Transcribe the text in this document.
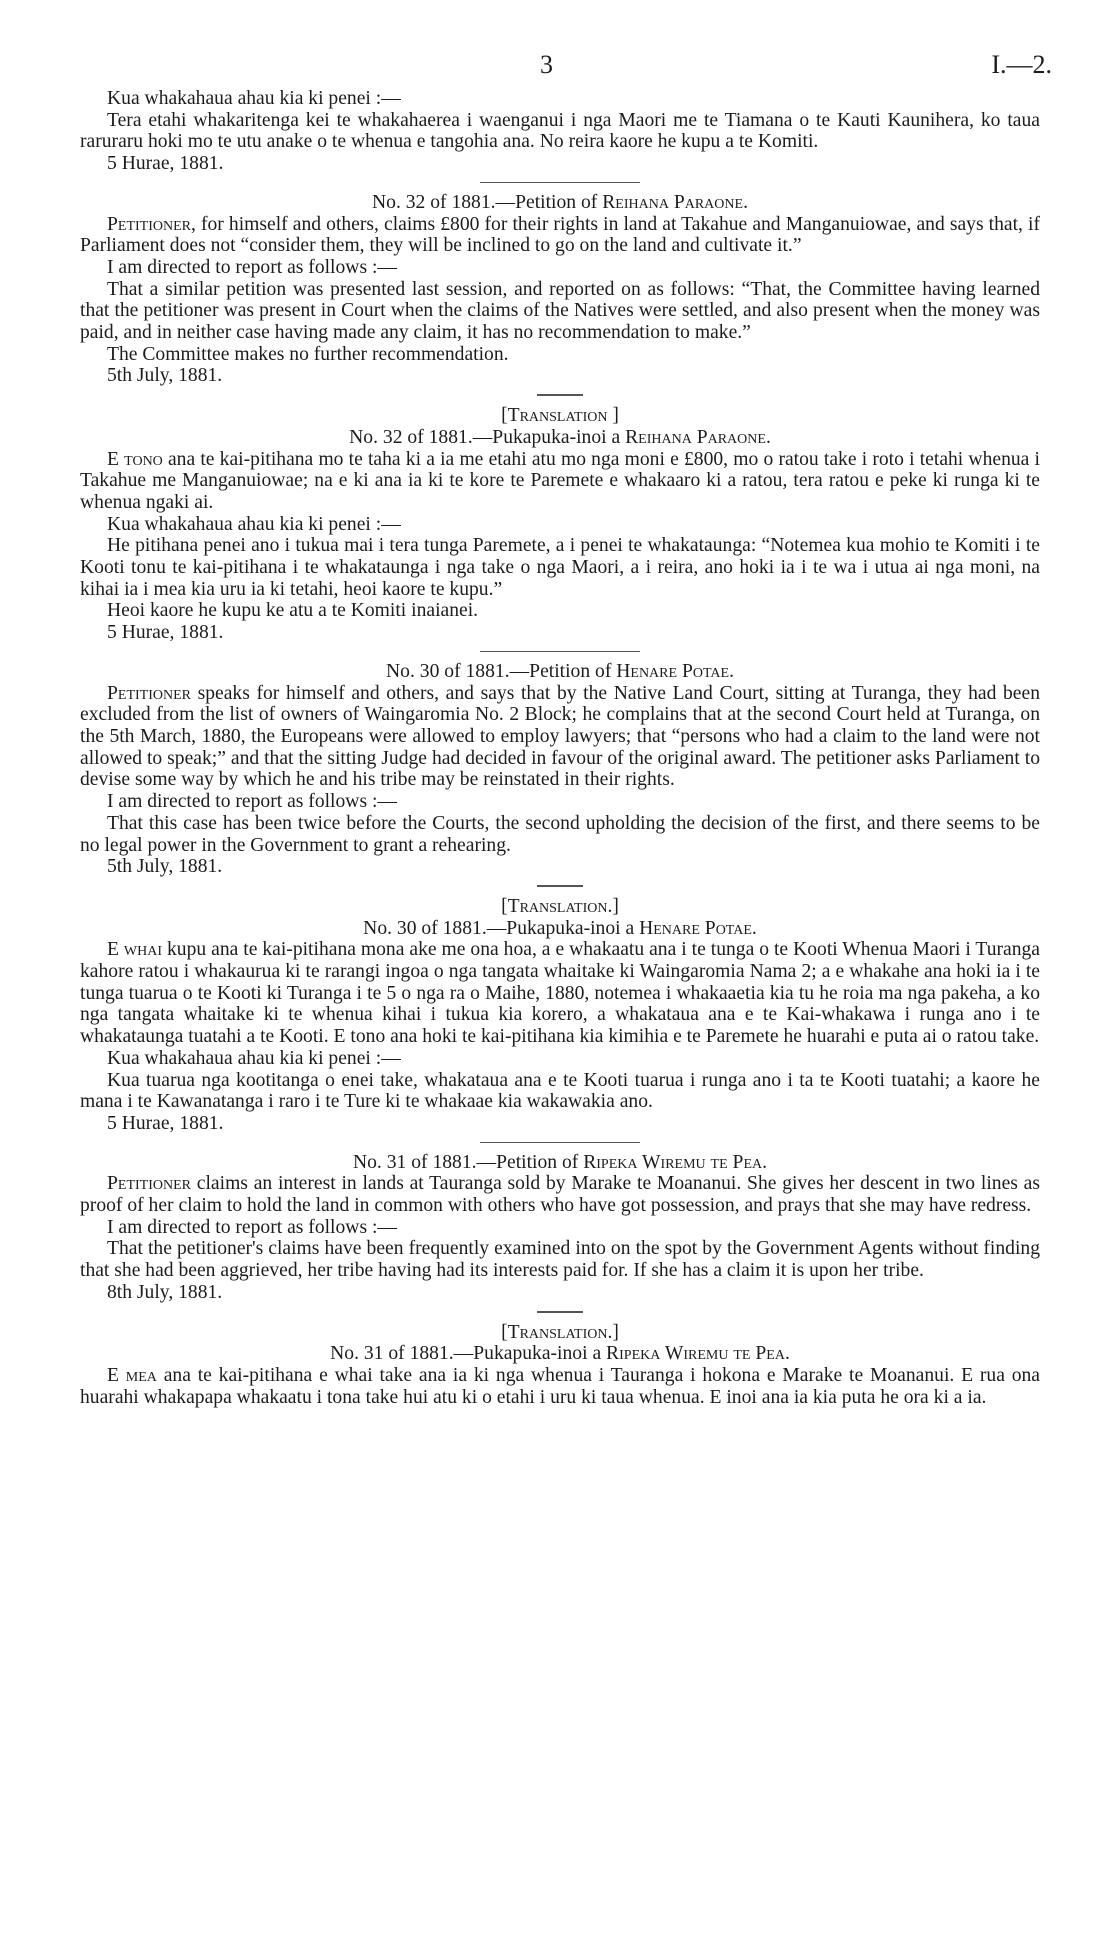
3	I.—2.

Kua whakahaua ahau kia ki penei :—

Tera etahi whakaritenga kei te whakahaerea i waenganui i nga Maori me te Tiamana o te Kauti Kaunihera, ko taua raruraru hoki mo te utu anake o te whenua e tangohia ana. No reira kaore he kupu a te Komiti.

5 Hurae, 1881.

No. 32 of 1881.—Petition of Reihana Paraone.

Petitioner, for himself and others, claims £800 for their rights in land at Takahue and Manganuiowae, and says that, if Parliament does not “consider them, they will be inclined to go on the land and cultivate it.”

I am directed to report as follows :—

That a similar petition was presented last session, and reported on as follows: “That, the Committee having learned that the petitioner was present in Court when the claims of the Natives were settled, and also present when the money was paid, and in neither case having made any claim, it has no recommendation to make.”

The Committee makes no further recommendation.

5th July, 1881.

[Translation ]

No. 32 of 1881.—Pukapuka-inoi a Reihana Paraone.

E tono ana te kai-pitihana mo te taha ki a ia me etahi atu mo nga moni e £800, mo o ratou take i roto i tetahi whenua i Takahue me Manganuiowae; na e ki ana ia ki te kore te Paremete e whakaaro ki a ratou, tera ratou e peke ki runga ki te whenua ngaki ai.

Kua whakahaua ahau kia ki penei :—

He pitihana penei ano i tukua mai i tera tunga Paremete, a i penei te whakataunga: “Notemea kua mohio te Komiti i te Kooti tonu te kai-pitihana i te whakataunga i nga take o nga Maori, a i reira, ano hoki ia i te wa i utua ai nga moni, na kihai ia i mea kia uru ia ki tetahi, heoi kaore te kupu.”

Heoi kaore he kupu ke atu a te Komiti inaianei.

5 Hurae, 1881.

No. 30 of 1881.—Petition of Henare Potae.

Petitioner speaks for himself and others, and says that by the Native Land Court, sitting at Turanga, they had been excluded from the list of owners of Waingaromia No. 2 Block; he complains that at the second Court held at Turanga, on the 5th March, 1880, the Europeans were allowed to employ lawyers; that “persons who had a claim to the land were not allowed to speak;” and that the sitting Judge had decided in favour of the original award. The petitioner asks Parliament to devise some way by which he and his tribe may be reinstated in their rights.

I am directed to report as follows :—

That this case has been twice before the Courts, the second upholding the decision of the first, and there seems to be no legal power in the Government to grant a rehearing.

5th July, 1881.

[Translation.]

No. 30 of 1881.—Pukapuka-inoi a Henare Potae.

E whai kupu ana te kai-pitihana mona ake me ona hoa, a e whakaatu ana i te tunga o te Kooti Whenua Maori i Turanga kahore ratou i whakaurua ki te rarangi ingoa o nga tangata whaitake ki Waingaromia Nama 2; a e whakahe ana hoki ia i te tunga tuarua o te Kooti ki Turanga i te 5 o nga ra o Maihe, 1880, notemea i whakaaetia kia tu he roia ma nga pakeha, a ko nga tangata whaitake ki te whenua kihai i tukua kia korero, a whakataua ana e te Kai-whakawa i runga ano i te whakataunga tuatahi a te Kooti. E tono ana hoki te kai-pitihana kia kimihia e te Paremete he huarahi e puta ai o ratou take.

Kua whakahaua ahau kia ki penei :—

Kua tuarua nga kootitanga o enei take, whakataua ana e te Kooti tuarua i runga ano i ta te Kooti tuatahi; a kaore he mana i te Kawanatanga i raro i te Ture ki te whakaae kia wakawakia ano.

5 Hurae, 1881.

No. 31 of 1881.—Petition of Ripeka Wiremu te Pea.

Petitioner claims an interest in lands at Tauranga sold by Marake te Moananui. She gives her descent in two lines as proof of her claim to hold the land in common with others who have got possession, and prays that she may have redress.

I am directed to report as follows :—

That the petitioner's claims have been frequently examined into on the spot by the Government Agents without finding that she had been aggrieved, her tribe having had its interests paid for. If she has a claim it is upon her tribe.

8th July, 1881.

[Translation.]

No. 31 of 1881.—Pukapuka-inoi a Ripeka Wiremu te Pea.

E mea ana te kai-pitihana e whai take ana ia ki nga whenua i Tauranga i hokona e Marake te Moananui. E rua ona huarahi whakapapa whakaatu i tona take hui atu ki o etahi i uru ki taua whenua. E inoi ana ia kia puta he ora ki a ia.
